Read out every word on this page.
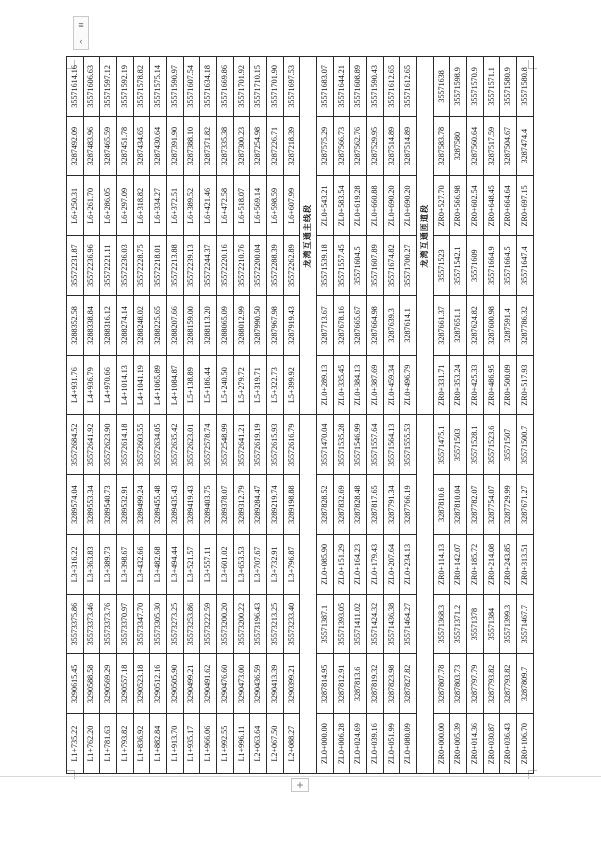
≡
‹
L1+735.22	3290615.45	35573375.86	L3+316.22	3289574.04	35572684.52	L4+931.76	3288352.58	35572231.87	L6+250.31	3287492.09	35571614.16
L1+762.20	3290588.58	35573373.46	L3+363.83	3289553.34	35572641.92	L4+936.79	3288338.84	35572236.96	L6+261.70	3287483.96	35571606.63
L1+781.63	3290569.29	35573373.76	L3+389.73	3289540.73	35572623.90	L4+970.66	3288316.12	35572221.11	L6+286.05	3287465.59	35571597.12
L1+793.82	3290557.18	35573370.97	L3+398.67	3289532.91	35572614.18	L4+1014.13	3288274.14	35572236.03	L6+297.09	3287451.78	35571592.19
L1+836.92	3290523.18	35573347.70	L3+432.66	3289499.24	35572603.55	L4+1041.19	3288248.02	35572228.75	L6+318.82	3287434.65	35571578.82
L1+882.84	3290512.16	35573305.30	L3+482.68	3289455.48	35572634.05	L4+1065.89	3288225.65	35572218.01	L6+334.27	3287430.64	35571575.14
L1+913.70	3290505.90	35573273.25	L3+494.44	3289435.43	35572635.42	L4+1084.87	3288207.66	35572213.88	L6+372.51	3287391.90	35571590.97
L1+935.17	3290499.21	35573253.86	L3+521.57	3289419.43	35572623.01	L5+138.89	3288159.00	35572239.13	L6+389.52	3287388.10	35571607.54
L1+966.06	3290491.62	35573222.59	L3+557.11	3289403.75	35572578.74	L5+186.44	3288113.20	35572244.37	L6+421.46	3287371.82	35571634.18
L1+992.55	3290476.60	35573200.20	L3+601.02	3289378.07	35572548.99	L5+240.50	3288065.09	35572220.16	L6+472.58	3287335.38	35571669.86
L1+996.11	3290473.00	35573200.22	L3+653.53	3289312.79	35572641.21	L5+279.72	3288012.99	35572210.76	L6+518.07	3287300.23	35571701.92
L2+063.64	3290436.59	35573196.43	L3+707.67	3289284.47	35572619.19	L5+319.71	3287990.50	35572200.04	L6+569.14	3287254.98	35571710.15
L2+067.50	3290413.39	35573213.25	L3+732.91	3289219.74	35572615.93	L5+322.73	3287967.98	35572288.39	L6+598.59	3287226.71	35571701.90
L2+088.27	3290399.21	35573233.40	L3+796.87	3289198.88	35572616.79	L5+399.92	3287919.43	35572262.89	L6+607.99	3287218.39	35571697.53
						龙湾互通主线段					
ZL0+000.00	3287814.95	35571387.1	ZL0+085.90	3287828.52	35571470.04	ZL0+289.13	3287713.67	35571539.18	ZL0+543.21	3287575.29	35571683.07
ZL0+006.28	3287812.91	35571393.05	ZL0+151.29	3287832.69	35571535.28	ZL0+335.45	3287678.16	35571557.45	ZL0+583.54	3287566.73	35571644.21
ZL0+024.69	3287813.6	35571411.02	ZL0+164.23	3287828.48	35571546.99	ZL0+384.13	3287665.67	35571604.5	ZL0+619.28	3287562.76	35571608.89
ZL0+039.16	3287819.32	35571424.32	ZL0+179.43	3287817.65	35571557.64	ZL0+387.69	3287664.98	35571607.89	ZL0+660.88	3287529.95	35571590.43
ZL0+051.99	3287823.98	35571436.38	ZL0+207.64	3287791.34	35571564.13	ZL0+459.34	3287639.3	35571674.82	ZL0+690.20	3287514.89	35571612.65
ZL0+080.09	3287827.82	35571464.27	ZL0+234.13	3287766.19	35571555.53	ZL0+496.79	3287614.1	35571700.27	ZL0+690.20	3287514.89	35571612.65
						龙湾互通匝道段					
ZR0+000.00	3287807.78	35571368.3	ZR0+114.13	3287810.6	35571475.1	ZR0+331.71	3287661.37	35571523	ZR0+527.70	3287583.78	35571638
ZR0+005.39	3287803.73	35571371.2	ZR0+142.07	3287810.04	35571503	ZR0+353.24	3287651.1	35571542.1	ZR0+566.98	3287580	35571598.9
ZR0+014.36	3287797.79	35571378	ZR0+185.72	3287782.07	35571528.1	ZR0+425.33	3287624.82	35571609	ZR0+602.54	3287560.64	35571570.9
ZR0+030.87	3287793.82	35571384	ZR0+214.08	3287754.07	35571523.6	ZR0+486.95	3287600.98	35571664.9	ZR0+648.45	3287517.59	35571571.1
ZR0+036.43	3287793.82	35571399.3	ZR0+243.85	3287729.99	35571507	ZR0+500.09	3287591.4	35571664.5	ZR0+664.64	3287504.67	35571580.9
ZR0+106.70	3287809.7	35571467.7	ZR0+313.51	3287671.27	35571500.7	ZR0+517.93	3287786.32	35571647.4	ZR0+697.15	3287474.4	35571580.8
+
